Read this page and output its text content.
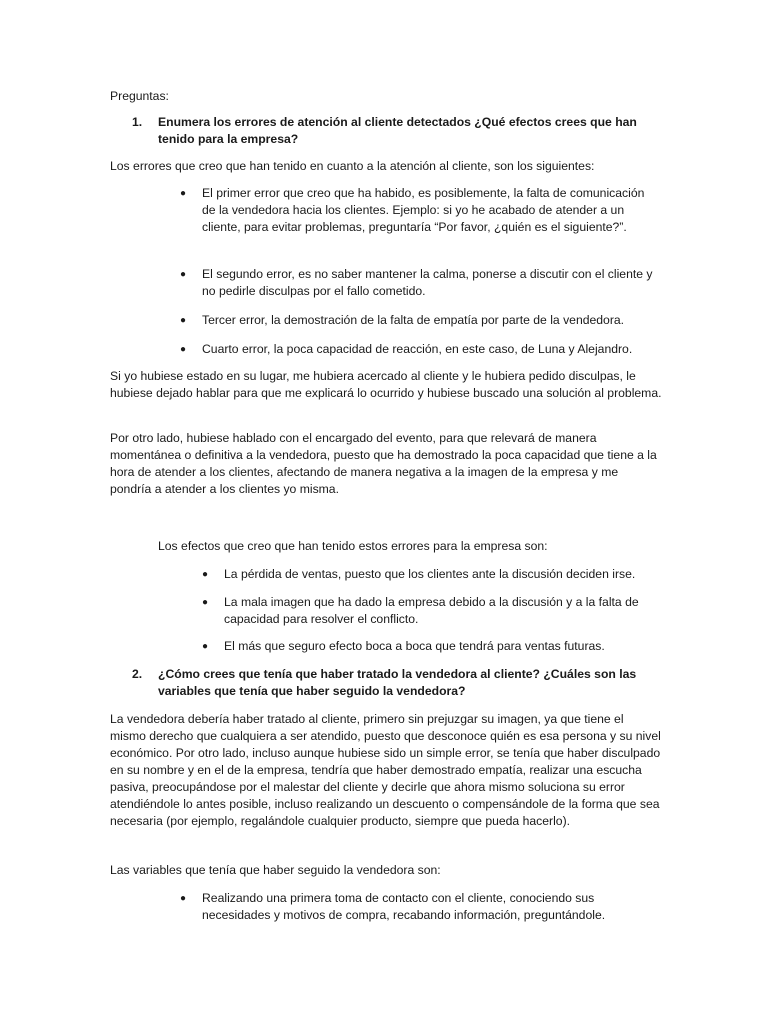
Preguntas:

1.	Enumera los errores de atención al cliente detectados ¿Qué efectos crees que han tenido para la empresa?

Los errores que creo que han tenido en cuanto a la atención al cliente, son los siguientes:

●	El primer error que creo que ha habido, es posiblemente, la falta de comunicación de la vendedora hacia los clientes. Ejemplo: si yo he acabado de atender a un cliente, para evitar problemas, preguntaría “Por favor, ¿quién es el siguiente?”.
●	El segundo error, es no saber mantener la calma, ponerse a discutir con el cliente y no pedirle disculpas por el fallo cometido.
●	Tercer error, la demostración de la falta de empatía por parte de la vendedora.
●	Cuarto error, la poca capacidad de reacción, en este caso, de Luna y Alejandro.

Si yo hubiese estado en su lugar, me hubiera acercado al cliente y le hubiera pedido disculpas, le hubiese dejado hablar para que me explicará lo ocurrido y hubiese buscado una solución al problema.

Por otro lado, hubiese hablado con el encargado del evento, para que relevará de manera momentánea o definitiva a la vendedora, puesto que ha demostrado la poca capacidad que tiene a la hora de atender a los clientes, afectando de manera negativa a la imagen de la empresa y me pondría a atender a los clientes yo misma.

Los efectos que creo que han tenido estos errores para la empresa son:

●	La pérdida de ventas, puesto que los clientes ante la discusión deciden irse.
●	La mala imagen que ha dado la empresa debido a la discusión y a la falta de capacidad para resolver el conflicto.
●	El más que seguro efecto boca a boca que tendrá para ventas futuras.
2.	¿Cómo crees que tenía que haber tratado la vendedora al cliente? ¿Cuáles son las variables que tenía que haber seguido la vendedora?

La vendedora debería haber tratado al cliente, primero sin prejuzgar su imagen, ya que tiene el mismo derecho que cualquiera a ser atendido, puesto que desconoce quién es esa persona y su nivel económico. Por otro lado, incluso aunque hubiese sido un simple error, se tenía que haber disculpado en su nombre y en el de la empresa, tendría que haber demostrado empatía, realizar una escucha pasiva, preocupándose por el malestar del cliente y decirle que ahora mismo soluciona su error atendiéndole lo antes posible, incluso realizando un descuento o compensándole de la forma que sea necesaria (por ejemplo, regalándole cualquier producto, siempre que pueda hacerlo).

Las variables que tenía que haber seguido la vendedora son:

●	Realizando una primera toma de contacto con el cliente, conociendo sus necesidades y motivos de compra, recabando información, preguntándole.
